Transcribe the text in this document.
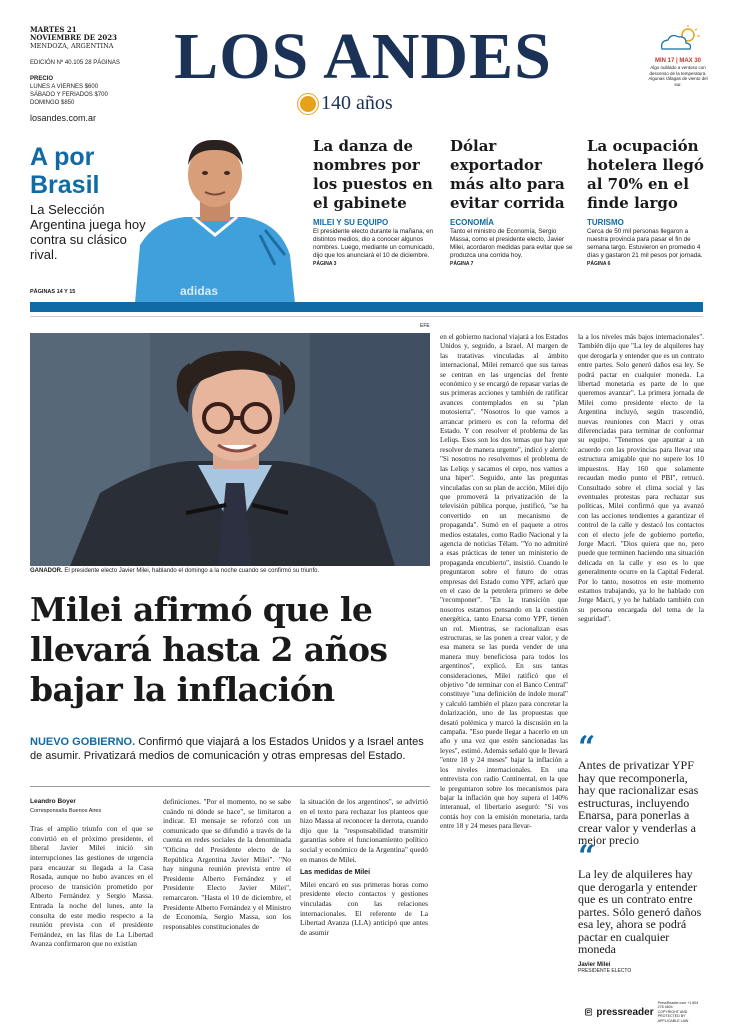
MARTES 21 NOVIEMBRE DE 2023
MENDOZA, ARGENTINA
EDICIÓN Nº 40.105 28 PÁGINAS
PRECIO
LUNES A VIERNES $600
SÁBADO Y FERIADOS $700
DOMINGO $850
LOS ANDES
140 años
losandes.com.ar
MIN 17 | MAX 30
Algo nublado a ventoso con descenso de la temperatura. Algunas ráfagas de viento del sur.
A por Brasil
La Selección Argentina juega hoy contra su clásico rival.
PÁGINAS 14 Y 15	adidas
La danza de nombres por los puestos en el gabinete
MILEI Y SU EQUIPO
El presidente electo durante la mañana, en distintos medios, dio a conocer algunos nombres. Luego, mediante un comunicado, dijo que los anunciará el 10 de diciembre.
PÁGINA 3
Dólar exportador más alto para evitar corrida
ECONOMÍA
Tanto el ministro de Economía, Sergio Massa, como el presidente electo, Javier Milei, acordaron medidas para evitar que se produzca una corrida hoy.
PÁGINA 7
La ocupación hotelera llegó al 70% en el finde largo
TURISMO
Cerca de 50 mil personas llegaron a nuestra provincia para pasar el fin de semana largo. Estuvieron en promedio 4 días y gastaron 21 mil pesos por jornada.
PÁGINA 6
EFE
GANADOR. El presidente electo Javier Milei, hablando el domingo a la noche cuando se confirmó su triunfo.
Milei afirmó que le llevará hasta 2 años bajar la inflación
NUEVO GOBIERNO. Confirmó que viajará a los Estados Unidos y a Israel antes de asumir. Privatizará medios de comunicación y otras empresas del Estado.
Leandro Boyer
Corresponsalía Buenos Aires
Tras el amplio triunfo con el que se convirtió en el próximo presidente, el liberal Javier Milei inició sin interrupciones las gestiones de urgencia para encauzar su llegada a la Casa Rosada, aunque no hubo avances en el proceso de transición prometido por Alberto Fernández y Sergio Massa. Entrada la noche del lunes, ante la consulta de este medio respecto a la reunión prevista con el presidente Fernández, en las filas de La Libertad Avanza confirmaron que no existían
definiciones. "Por el momento, no se sabe cuándo ni dónde se hace", se limitaron a indicar. El mensaje se reforzó con un comunicado que se difundió a través de la cuenta en redes sociales de la denominada "Oficina del Presidente electo de la República Argentina Javier Milei". "No hay ninguna reunión prevista entre el Presidente Alberto Fernández y el Presidente Electo Javier Milei", remarcaron. "Hasta el 10 de diciembre, el Presidente Alberto Fernández y el Ministro de Economía, Sergio Massa, son los responsables constitucionales de
la situación de los argentinos", se advirtió en el texto para rechazar los planteos que hizo Massa al reconocer la derrota, cuando dijo que la "responsabilidad transmitir garantías sobre el funcionamiento político social y económico de la Argentina" quedó en manos de Milei.
Las medidas de Milei
Milei encaró en sus primeras horas como presidente electo contactos y gestiones vinculadas con las relaciones internacionales. El referente de La Libertad Avanza (LLA) anticipó que antes de asumir
en el gobierno nacional viajará a los Estados Unidos y, seguido, a Israel. Al margen de las tratativas vinculadas al ámbito internacional, Milei remarcó que sus tareas se centran en las urgencias del frente económico y se encargó de repasar varias de sus primeras acciones y también de ratificar avances contemplados en su "plan motosierra". "Nosotros lo que vamos a arrancar primero es con la reforma del Estado. Y con resolver el problema de las Leliqs. Esos son los dos temas que hay que resolver de manera urgente", indicó y alertó: "Si nosotros no resolvemos el problema de las Leliqs y sacamos el cepo, nos vamos a una hiper". Seguido, ante las preguntas vinculadas con su plan de acción, Milei dijo que promoverá la privatización de la televisión pública porque, justificó, "se ha convertido en un mecanismo de propaganda". Sumó en el paquete a otros medios estatales, como Radio Nacional y la agencia de noticias Télam. "Yo no admitiré a esas prácticas de tener un ministerio de propaganda encubierto", insistió. Cuando le preguntaron sobre el futuro de otras empresas del Estado como YPF, aclaró que en el caso de la petrolera primero se debe "recomponer". "En la transición que nosotros estamos pensando en la cuestión energética, tanto Enarsa como YPF, tienen un rol. Mientras, se racionalizan esas estructuras, se las ponen a crear valor, y de esa manera se las pueda vender de una manera muy beneficiosa para todos los argentinos", explicó. En sus tantas consideraciones, Milei ratificó que el objetivo "de terminar con el Banco Central" constituye "una definición de índole moral" y calculó también el plazo para concretar la dolarización, uno de las propuestas que desató polémica y marcó la discusión en la campaña. "Eso puede llegar a hacerlo en un año y una vez que estén sancionadas las leyes", estimó. Además señaló que le llevará "entre 18 y 24 meses" bajar la inflación a los niveles internacionales. En una entrevista con radio Continental, en la que le preguntaron sobre los mecanismos para bajar la inflación que hoy supera el 140% interanual, el libertario aseguró: "Si vos contás hoy con la emisión monetaria, tarda entre 18 y 24 meses para llevar-
la a los niveles más bajos internacionales". También dijo que "La ley de alquileres hay que derogarla y entender que es un contrato entre partes. Solo generó daños esa ley. Se podrá pactar en cualquier moneda. La libertad monetaria es parte de lo que queremos avanzar". La primera jornada de Milei como presidente electo de la Argentina incluyó, según trascendió, nuevas reuniones con Macri y otras diferenciadas para terminar de conformar su equipo. "Tenemos que apuntar a un acuerdo con las provincias para llevar una estructura amigable que no supere los 10 impuestos. Hay 160 que solamente recaudan medio punto el PBI", retrucó. Consultado sobre el clima social y las eventuales protestas para rechazar sus políticas, Milei confirmó que ya avanzó con las acciones tendientes a garantizar el control de la calle y destacó los contactos con el electo jefe de gobierno porteño, Jorge Macri. "Dios quiera que no, pero puede que terminen haciendo una situación delicada en la calle y eso es lo que generalmente ocurre en la Capital Federal. Por lo tanto, nosotros en este momento estamos trabajando, ya lo he hablado con Jorge Macri, y yo he hablado también con su persona encargada del tema de la seguridad".
“
Antes de privatizar YPF hay que recomponerla, hay que racionalizar esas estructuras, incluyendo Enarsa, para ponerlas a crear valor y venderlas a mejor precio
“
La ley de alquileres hay que derogarla y entender que es un contrato entre partes. Sólo generó daños esa ley, ahora se podrá pactar en cualquier moneda
Javier Milei
PRESIDENTE ELECTO
pressreader
PressReader.com +1 604 278 4604
COPYRIGHT AND PROTECTED BY APPLICABLE LAW
